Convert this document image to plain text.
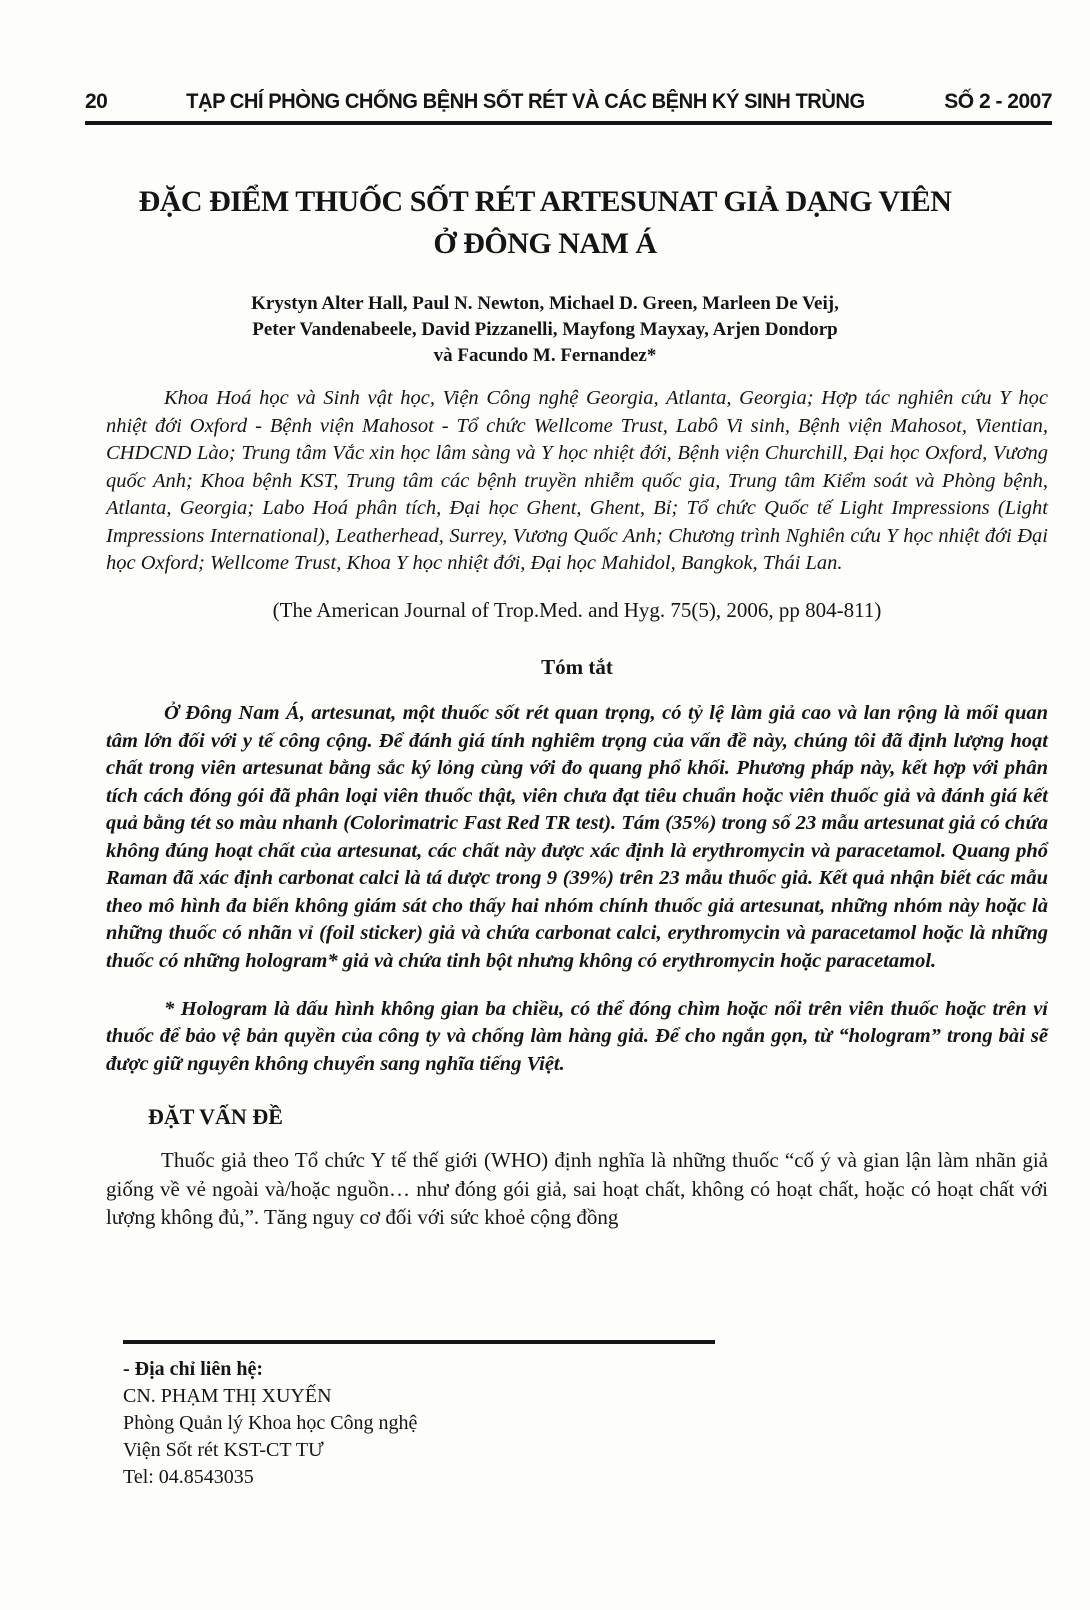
20	TẠP CHÍ PHÒNG CHỐNG BỆNH SỐT RÉT VÀ CÁC BỆNH KÝ SINH TRÙNG	SỐ 2 - 2007
ĐẶC ĐIỂM THUỐC SỐT RÉT ARTESUNAT GIẢ DẠNG VIÊN
Ở ĐÔNG NAM Á
Krystyn Alter Hall, Paul N. Newton, Michael D. Green, Marleen De Veij,
Peter Vandenabeele, David Pizzanelli, Mayfong Mayxay, Arjen Dondorp
và Facundo M. Fernandez*

Khoa Hoá học và Sinh vật học, Viện Công nghệ Georgia, Atlanta, Georgia; Hợp tác nghiên cứu Y học nhiệt đới Oxford - Bệnh viện Mahosot - Tổ chức Wellcome Trust, Labô Vi sinh, Bệnh viện Mahosot, Vientian, CHDCND Lào; Trung tâm Vắc xin học lâm sàng và Y học nhiệt đới, Bệnh viện Churchill, Đại học Oxford, Vương quốc Anh; Khoa bệnh KST, Trung tâm các bệnh truyền nhiễm quốc gia, Trung tâm Kiểm soát và Phòng bệnh, Atlanta, Georgia; Labo Hoá phân tích, Đại học Ghent, Ghent, Bỉ; Tổ chức Quốc tế Light Impressions (Light Impressions International), Leatherhead, Surrey, Vương Quốc Anh; Chương trình Nghiên cứu Y học nhiệt đới Đại học Oxford; Wellcome Trust, Khoa Y học nhiệt đới, Đại học Mahidol, Bangkok, Thái Lan.

(The American Journal of Trop.Med. and Hyg. 75(5), 2006, pp 804-811)
Tóm tắt

Ở Đông Nam Á, artesunat, một thuốc sốt rét quan trọng, có tỷ lệ làm giả cao và lan rộng là mối quan tâm lớn đối với y tế công cộng. Để đánh giá tính nghiêm trọng của vấn đề này, chúng tôi đã định lượng hoạt chất trong viên artesunat bằng sắc ký lỏng cùng với đo quang phổ khối. Phương pháp này, kết hợp với phân tích cách đóng gói đã phân loại viên thuốc thật, viên chưa đạt tiêu chuẩn hoặc viên thuốc giả và đánh giá kết quả bằng tét so màu nhanh (Colorimatric Fast Red TR test). Tám (35%) trong số 23 mẫu artesunat giả có chứa không đúng hoạt chất của artesunat, các chất này được xác định là erythromycin và paracetamol. Quang phổ Raman đã xác định carbonat calci là tá dược trong 9 (39%) trên 23 mẫu thuốc giả. Kết quả nhận biết các mẫu theo mô hình đa biến không giám sát cho thấy hai nhóm chính thuốc giả artesunat, những nhóm này hoặc là những thuốc có nhãn vỉ (foil sticker) giả và chứa carbonat calci, erythromycin và paracetamol hoặc là những thuốc có những hologram* giả và chứa tinh bột nhưng không có erythromycin hoặc paracetamol.

* Hologram là dấu hình không gian ba chiều, có thể đóng chìm hoặc nổi trên viên thuốc hoặc trên vỉ thuốc để bảo vệ bản quyền của công ty và chống làm hàng giả. Để cho ngắn gọn, từ “hologram” trong bài sẽ được giữ nguyên không chuyển sang nghĩa tiếng Việt.

ĐẶT VẤN ĐỀ

Thuốc giả theo Tổ chức Y tế thế giới (WHO) định nghĩa là những thuốc “cố ý và gian lận làm nhãn giả giống về vẻ ngoài và/hoặc nguồn… như đóng gói giả, sai hoạt chất, không có hoạt chất, hoặc có hoạt chất với lượng không đủ,”. Tăng nguy cơ đối với sức khoẻ cộng đồng

- Địa chỉ liên hệ:
CN. PHẠM THỊ XUYẾN
Phòng Quản lý Khoa học Công nghệ
Viện Sốt rét KST-CT TƯ
Tel: 04.8543035
